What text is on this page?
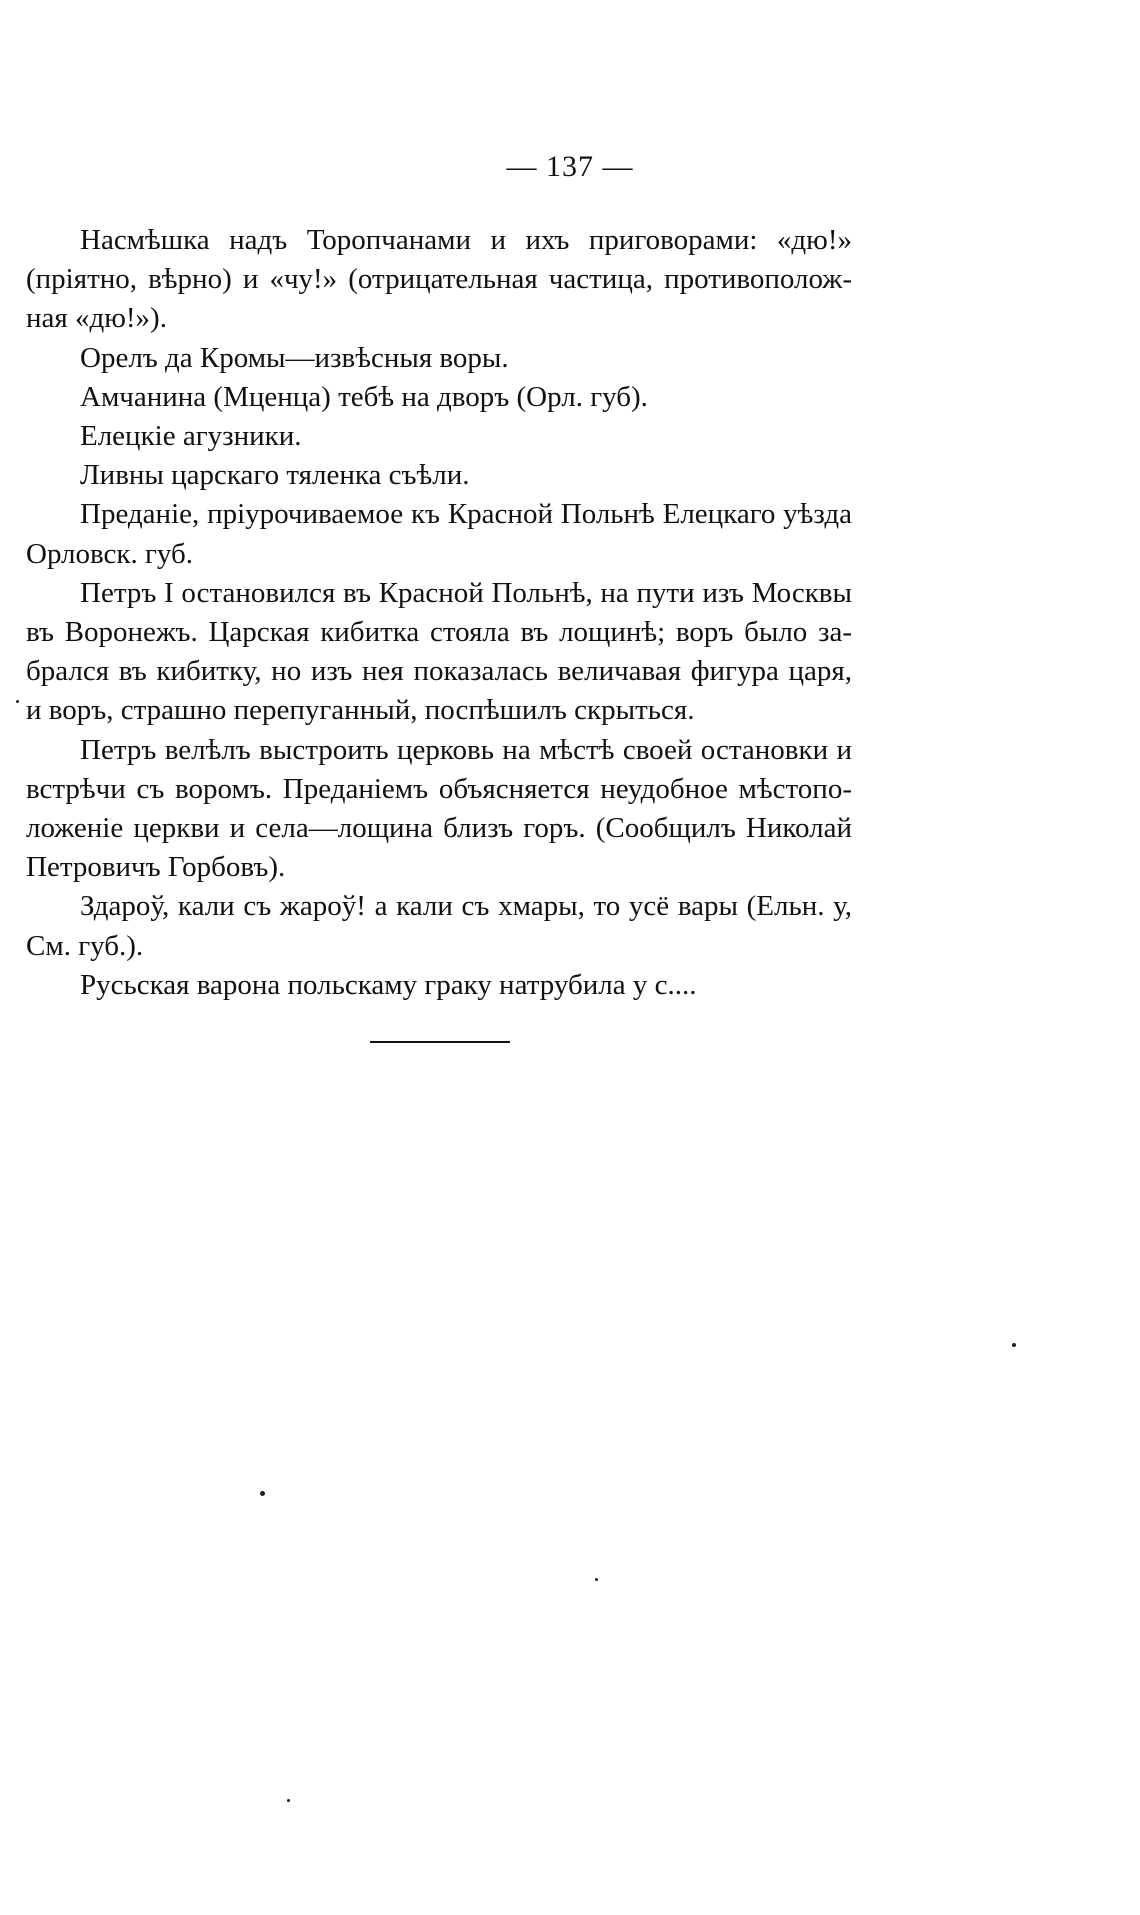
— 137 —

Насмѣшка надъ Торопчанами и ихъ приговорами: «дю!» (пріятно, вѣрно) и «чу!» (отрицательная частица, противоположная «дю!»).

Орелъ да Кромы—извѣсныя воры.

Амчанина (Мценца) тебѣ на дворъ (Орл. губ).

Елецкіе агузники.

Ливны царскаго тяленка съѣли.

Преданіе, пріурочиваемое къ Красной Польнѣ Елецкаго уѣзда Орловск. губ.

Петръ I остановился въ Красной Польнѣ, на пути изъ Москвы въ Воронежъ. Царская кибитка стояла въ лощинѣ; воръ было забрался въ кибитку, но изъ нея показалась величавая фигура царя, и воръ, страшно перепуганный, поспѣшилъ скрыться.

Петръ велѣлъ выстроить церковь на мѣстѣ своей остановки и встрѣчи съ воромъ. Преданіемъ объясняется неудобное мѣстоположеніе церкви и села—лощина близъ горъ. (Сообщилъ Николай Петровичъ Горбовъ).

Здароў, кали съ жароў! а кали съ хмары, то усё вары (Ельн. у, См. губ.).

Русьская варона польскаму граку натрубила у с....
